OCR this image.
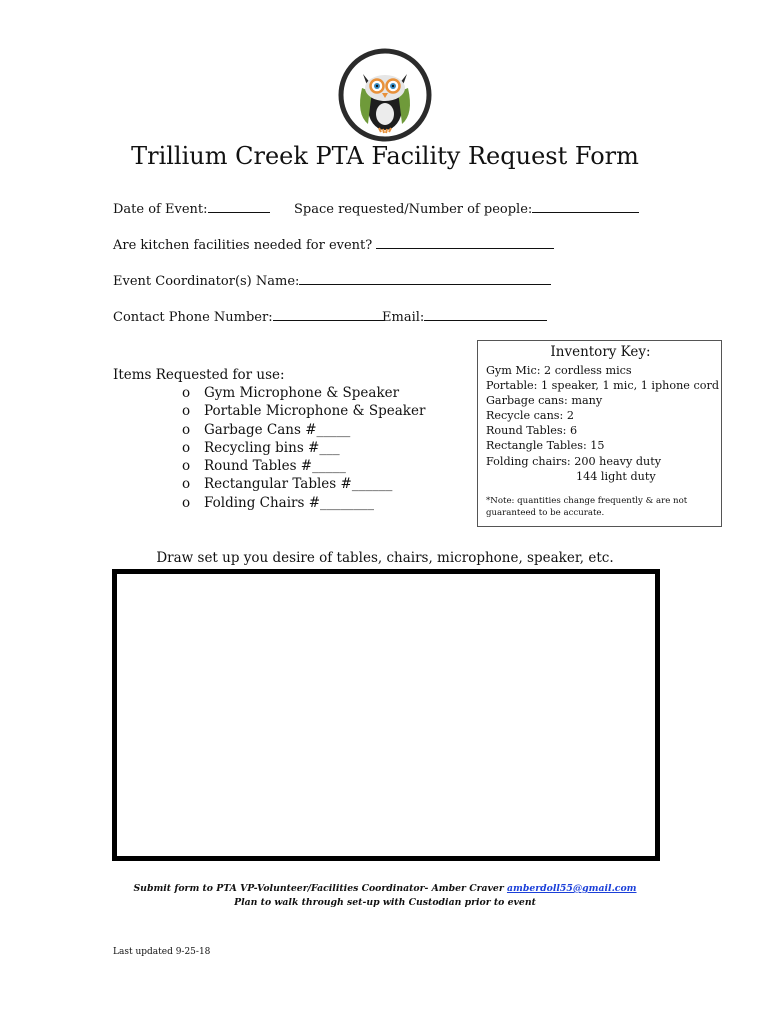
Trillium Creek PTA Facility Request Form
Date of Event:	Space requested/Number of people:
Are kitchen facilities needed for event?
Event Coordinator(s) Name:
Contact Phone Number:	Email:
Items Requested for use:
o Gym Microphone & Speaker
o Portable Microphone & Speaker
o Garbage Cans #_____
o Recycling bins #___
o Round Tables #_____
o Rectangular Tables #______
o Folding Chairs #________
Inventory Key:
Gym Mic: 2 cordless mics
Portable: 1 speaker, 1 mic, 1 iphone cord
Garbage cans: many
Recycle cans: 2
Round Tables: 6
Rectangle Tables: 15
Folding chairs: 200 heavy duty
144 light duty
*Note: quantities change frequently & are not guaranteed to be accurate.
Draw set up you desire of tables, chairs, microphone, speaker, etc.
Submit form to PTA VP-Volunteer/Facilities Coordinator- Amber Craver amberdoll55@gmail.com
Plan to walk through set-up with Custodian prior to event
Last updated 9-25-18
